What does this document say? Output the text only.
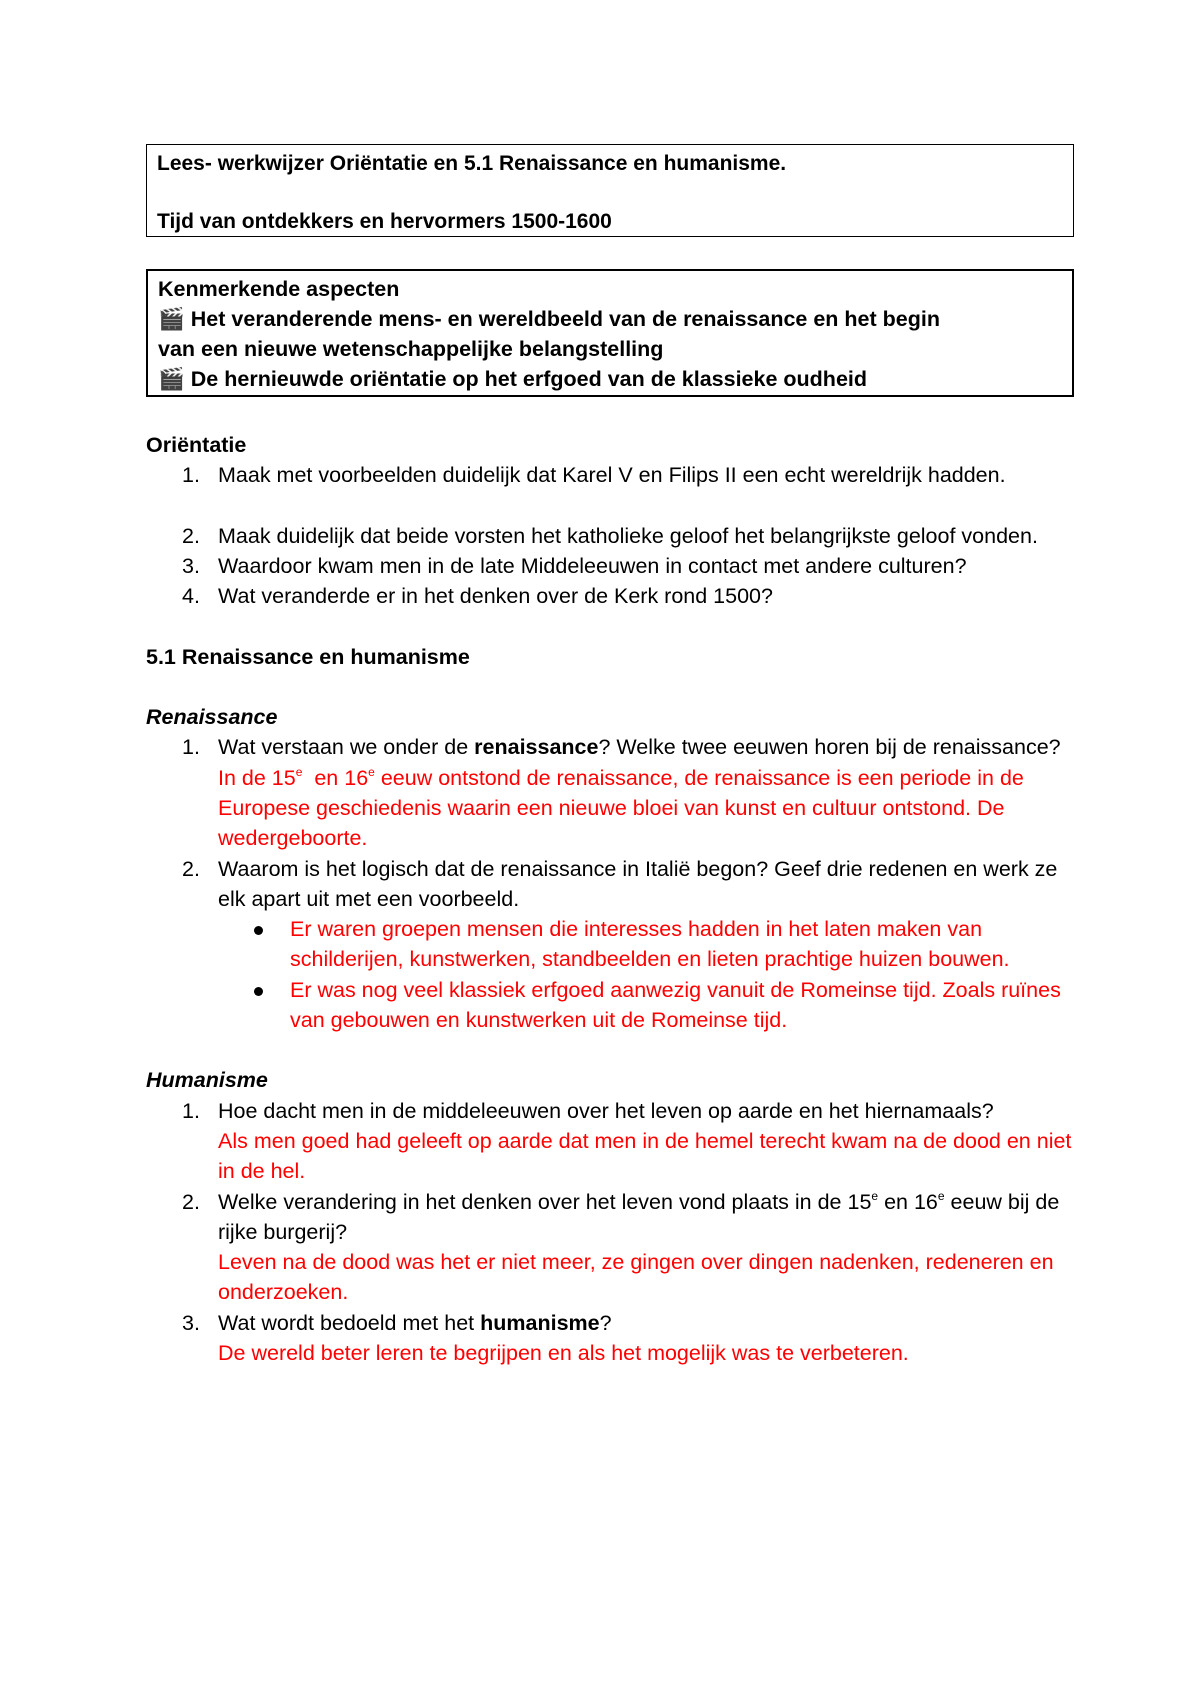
Lees- werkwijzer Oriëntatie en 5.1 Renaissance en humanisme.
Tijd van ontdekkers en hervormers 1500-1600
Kenmerkende aspecten
🎬 Het veranderende mens- en wereldbeeld van de renaissance en het begin
van een nieuwe wetenschappelijke belangstelling
🎬 De hernieuwde oriëntatie op het erfgoed van de klassieke oudheid

Oriëntatie

1. Maak met voorbeelden duidelijk dat Karel V en Filips II een echt wereldrijk hadden.
2. Maak duidelijk dat beide vorsten het katholieke geloof het belangrijkste geloof vonden.
3. Waardoor kwam men in de late Middeleeuwen in contact met andere culturen?
4. Wat veranderde er in het denken over de Kerk rond 1500?

5.1 Renaissance en humanisme

Renaissance

1. Wat verstaan we onder de renaissance? Welke twee eeuwen horen bij de renaissance?
In de 15e  en 16e eeuw ontstond de renaissance, de renaissance is een periode in de Europese geschiedenis waarin een nieuwe bloei van kunst en cultuur ontstond. De wedergeboorte.
2. Waarom is het logisch dat de renaissance in Italië begon? Geef drie redenen en werk ze elk apart uit met een voorbeeld.
Er waren groepen mensen die interesses hadden in het laten maken van schilderijen, kunstwerken, standbeelden en lieten prachtige huizen bouwen.
Er was nog veel klassiek erfgoed aanwezig vanuit de Romeinse tijd. Zoals ruïnes van gebouwen en kunstwerken uit de Romeinse tijd.

Humanisme

1. Hoe dacht men in de middeleeuwen over het leven op aarde en het hiernamaals?
Als men goed had geleeft op aarde dat men in de hemel terecht kwam na de dood en niet in de hel.
2. Welke verandering in het denken over het leven vond plaats in de 15e en 16e eeuw bij de rijke burgerij?
Leven na de dood was het er niet meer, ze gingen over dingen nadenken, redeneren en onderzoeken.
3. Wat wordt bedoeld met het humanisme?
De wereld beter leren te begrijpen en als het mogelijk was te verbeteren.
